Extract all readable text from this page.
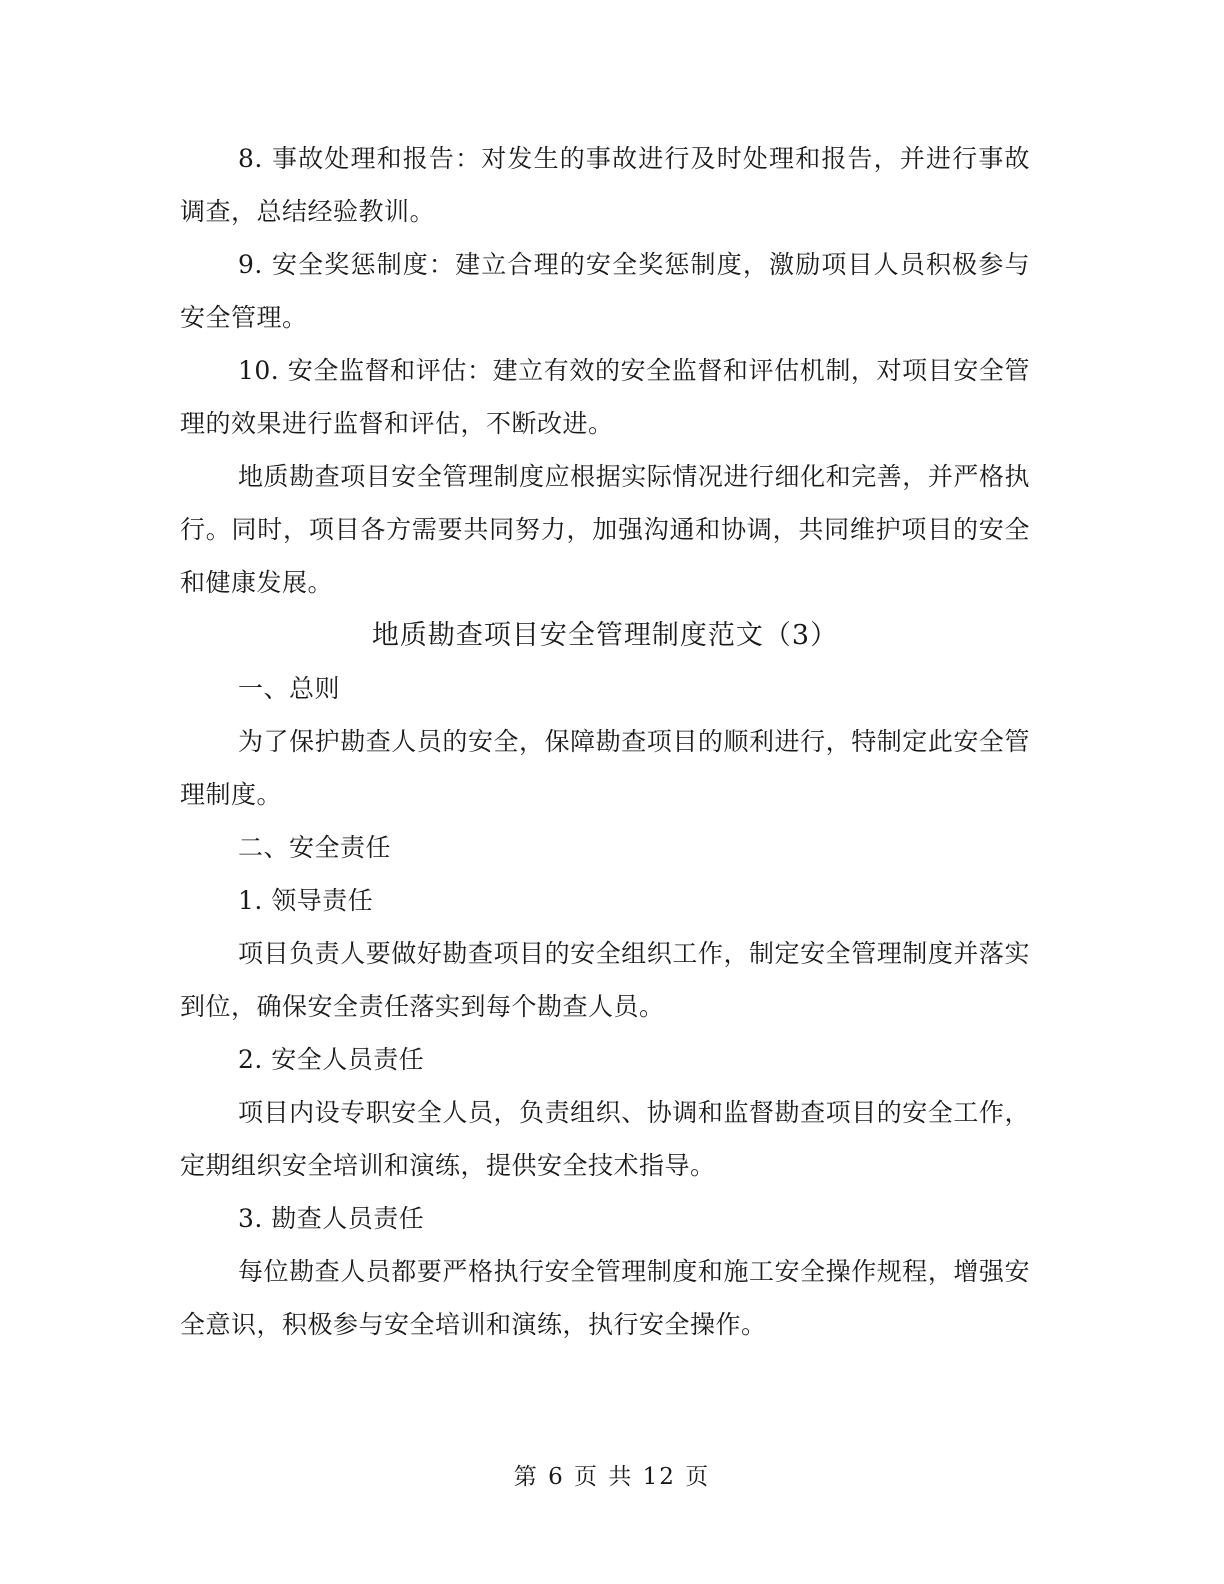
8. 事故处理和报告：对发生的事故进行及时处理和报告，并进行事故调查，总结经验教训。

9. 安全奖惩制度：建立合理的安全奖惩制度，激励项目人员积极参与安全管理。

10. 安全监督和评估：建立有效的安全监督和评估机制，对项目安全管理的效果进行监督和评估，不断改进。

地质勘查项目安全管理制度应根据实际情况进行细化和完善，并严格执行。同时，项目各方需要共同努力，加强沟通和协调，共同维护项目的安全和健康发展。

地质勘查项目安全管理制度范文（3）

一、总则

为了保护勘查人员的安全，保障勘查项目的顺利进行，特制定此安全管理制度。

二、安全责任

1. 领导责任

项目负责人要做好勘查项目的安全组织工作，制定安全管理制度并落实到位，确保安全责任落实到每个勘查人员。

2. 安全人员责任

项目内设专职安全人员，负责组织、协调和监督勘查项目的安全工作，定期组织安全培训和演练，提供安全技术指导。

3. 勘查人员责任

每位勘查人员都要严格执行安全管理制度和施工安全操作规程，增强安全意识，积极参与安全培训和演练，执行安全操作。

第 6 页 共 12 页
